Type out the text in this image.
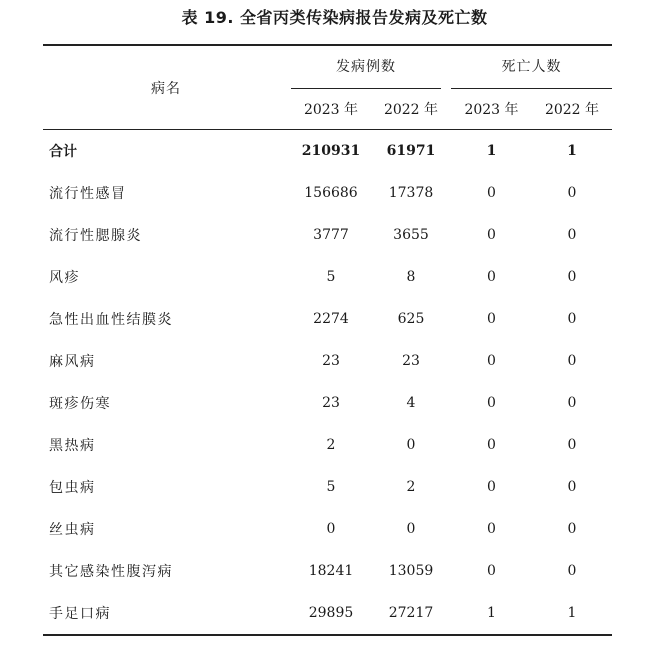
表 19. 全省丙类传染病报告发病及死亡数
病名	发病例数		死亡人数	

	2023 年	2022 年	2023 年	2022 年
合计	210931	61971	1	1
流行性感冒	156686	17378	0	0
流行性腮腺炎	3777	3655	0	0
风疹	5	8	0	0
急性出血性结膜炎	2274	625	0	0
麻风病	23	23	0	0
斑疹伤寒	23	4	0	0
黑热病	2	0	0	0
包虫病	5	2	0	0
丝虫病	0	0	0	0
其它感染性腹泻病	18241	13059	0	0
手足口病	29895	27217	1	1
